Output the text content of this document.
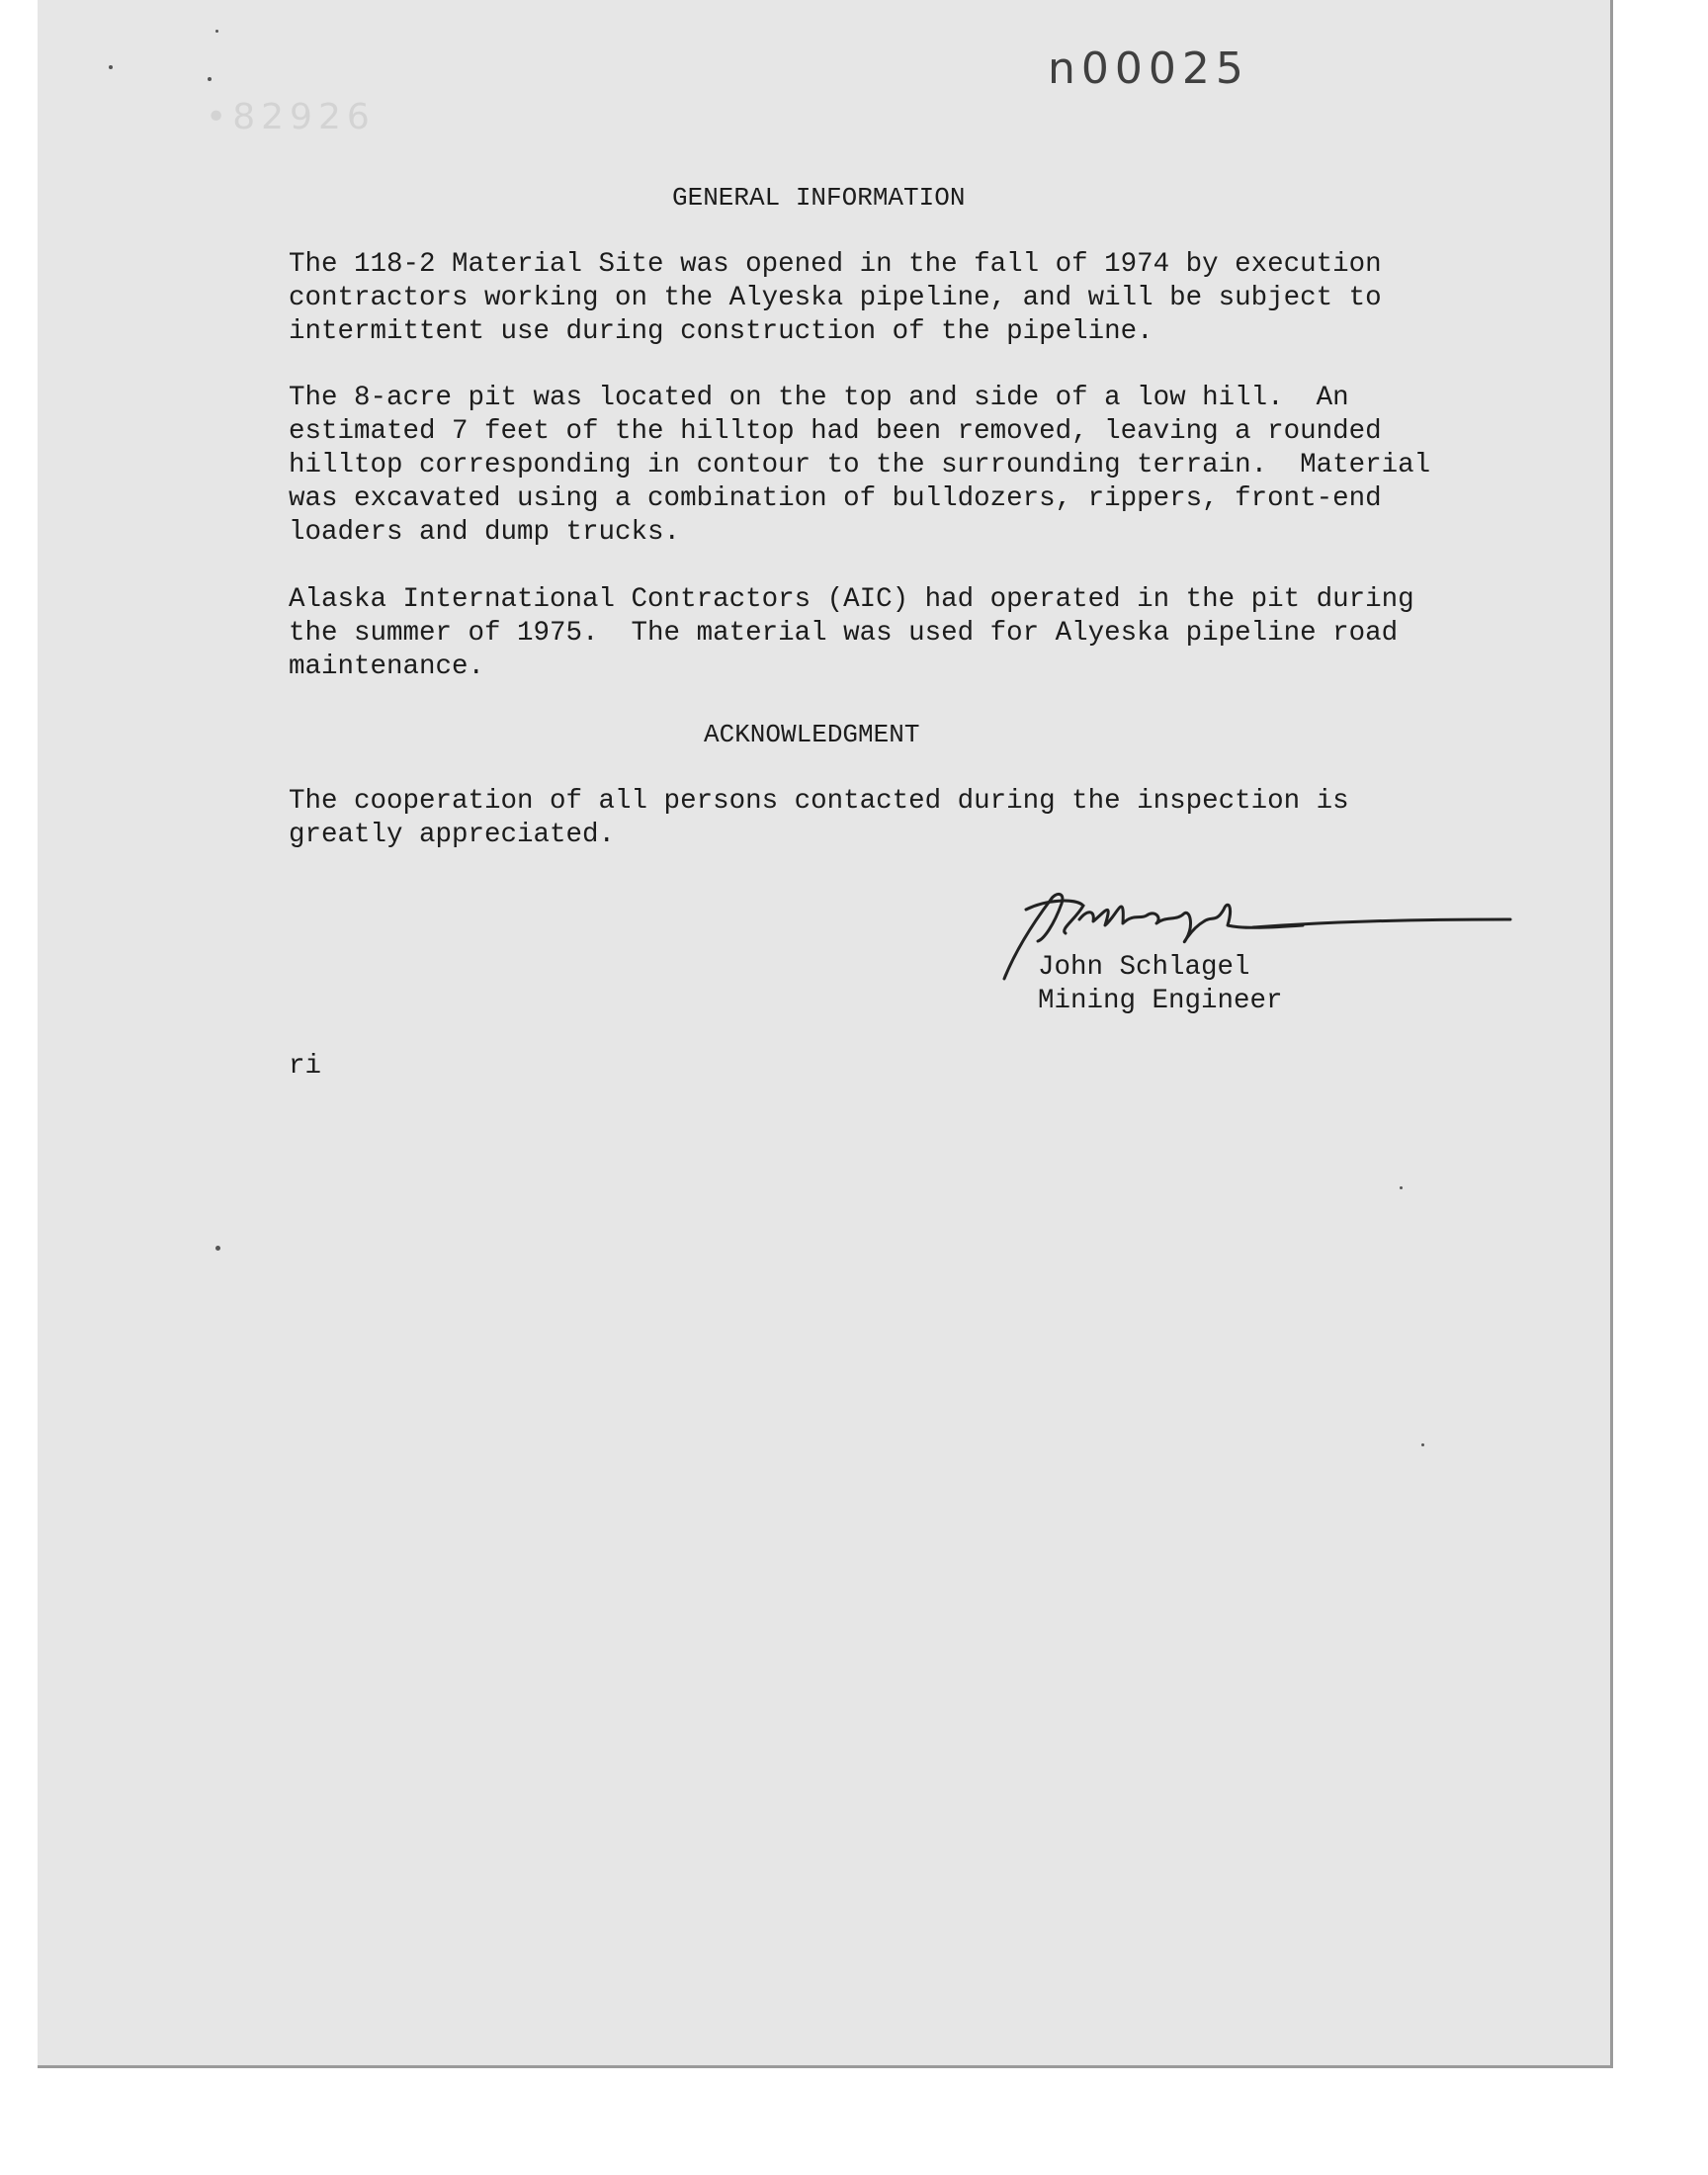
•82926
n00025
GENERAL INFORMATION

The 118-2 Material Site was opened in the fall of 1974 by execution
contractors working on the Alyeska pipeline, and will be subject to
intermittent use during construction of the pipeline.

The 8-acre pit was located on the top and side of a low hill.  An
estimated 7 feet of the hilltop had been removed, leaving a rounded
hilltop corresponding in contour to the surrounding terrain.  Material
was excavated using a combination of bulldozers, rippers, front-end
loaders and dump trucks.

Alaska International Contractors (AIC) had operated in the pit during
the summer of 1975.  The material was used for Alyeska pipeline road
maintenance.

ACKNOWLEDGMENT

The cooperation of all persons contacted during the inspection is
greatly appreciated.

John Schlagel
Mining Engineer
ri
